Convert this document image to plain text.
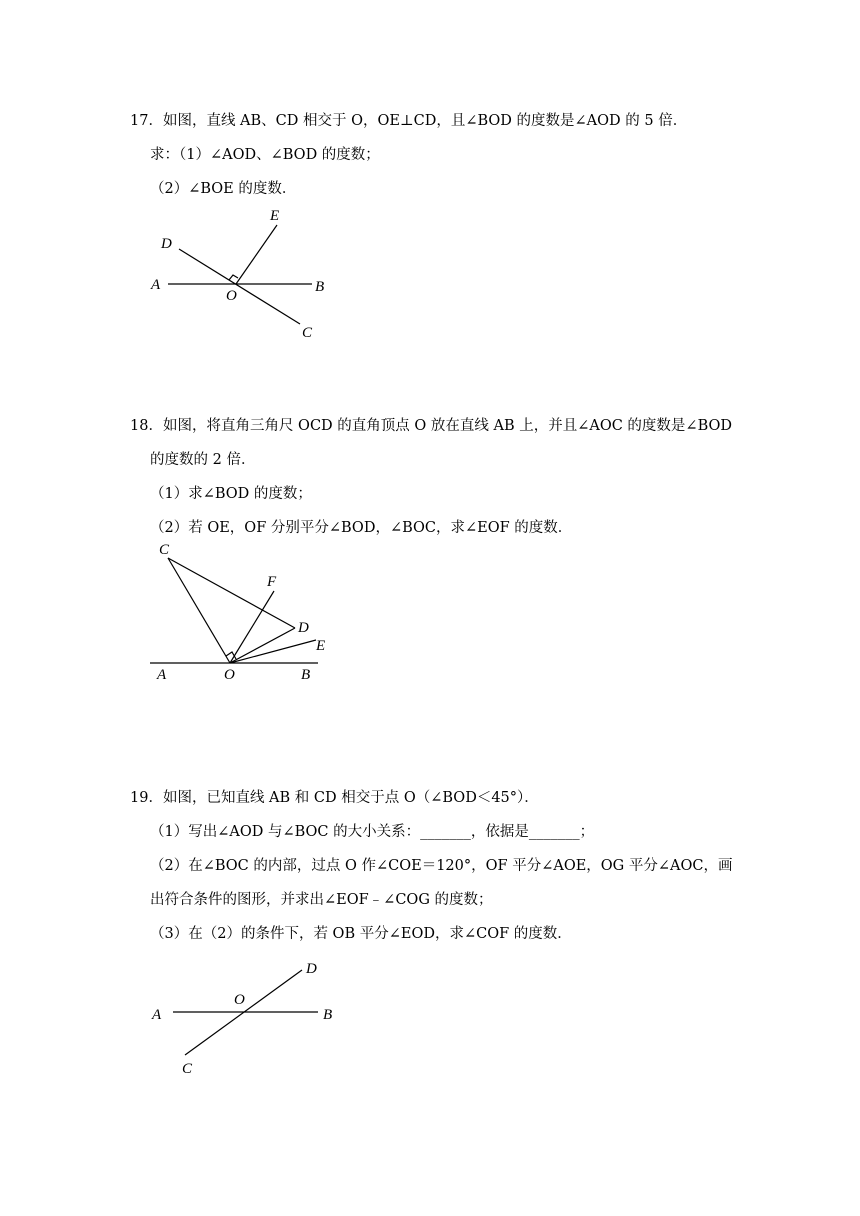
17．如图，直线 AB、CD 相交于 O，OE⊥CD，且∠BOD 的度数是∠AOD 的 5 倍．
求：（1）∠AOD、∠BOD 的度数；
（2）∠BOE 的度数．
A	B
C
D
E
O
18．如图，将直角三角尺 OCD 的直角顶点 O 放在直线 AB 上，并且∠AOC 的度数是∠BOD
的度数的 2 倍．
（1）求∠BOD 的度数；
（2）若 OE，OF 分别平分∠BOD，∠BOC，求∠EOF 的度数．
A	B
C
D
E
F
O
19．如图，已知直线 AB 和 CD 相交于点 O（∠BOD＜45°）．
（1）写出∠AOD 与∠BOC 的大小关系：_______，依据是_______；
（2）在∠BOC 的内部，过点 O 作∠COE＝120°，OF 平分∠AOE，OG 平分∠AOC，画
出符合条件的图形，并求出∠EOF﹣∠COG 的度数；
（3）在（2）的条件下，若 OB 平分∠EOD，求∠COF 的度数．
A	B
C
D
O
